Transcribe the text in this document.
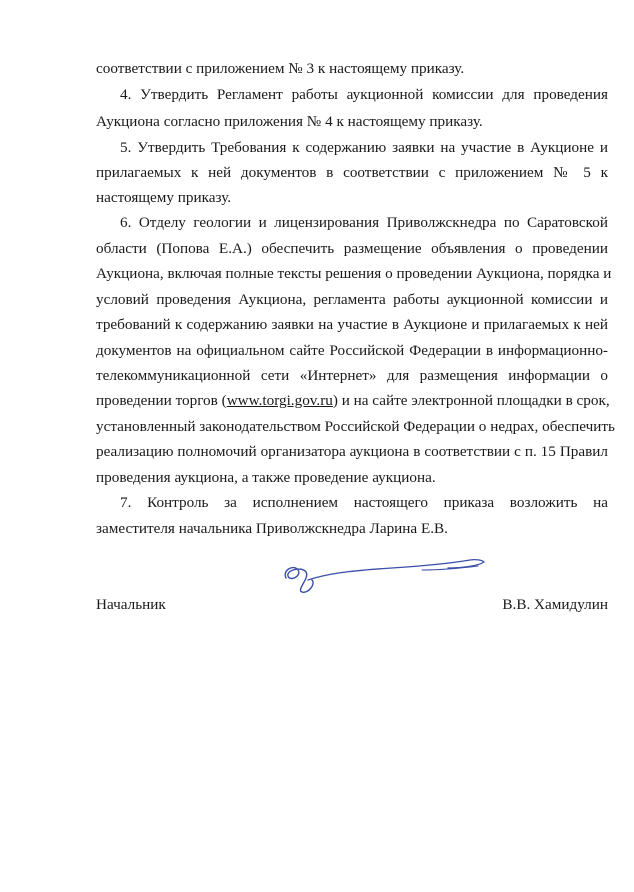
соответствии с приложением № 3 к настоящему приказу.
4. Утвердить Регламент работы аукционной комиссии для проведения
Аукциона согласно приложения № 4 к настоящему приказу.
5. Утвердить Требования к содержанию заявки на участие в Аукционе и
прилагаемых к ней документов в соответствии с приложением № 5 к
настоящему приказу.
6. Отделу геологии и лицензирования Приволжскнедра по Саратовской
области (Попова Е.А.) обеспечить размещение объявления о проведении
Аукциона, включая полные тексты решения о проведении Аукциона, порядка и
условий проведения Аукциона, регламента работы аукционной комиссии и
требований к содержанию заявки на участие в Аукционе и прилагаемых к ней
документов на официальном сайте Российской Федерации в информационно-
телекоммуникационной сети «Интернет» для размещения информации о
проведении торгов (www.torgi.gov.ru) и на сайте электронной площадки в срок,
установленный законодательством Российской Федерации о недрах, обеспечить
реализацию полномочий организатора аукциона в соответствии с п. 15 Правил
проведения аукциона, а также проведение аукциона.
7. Контроль за исполнением настоящего приказа возложить на
заместителя начальника Приволжскнедра Ларина Е.В.
Начальник	В.В. Хамидулин
